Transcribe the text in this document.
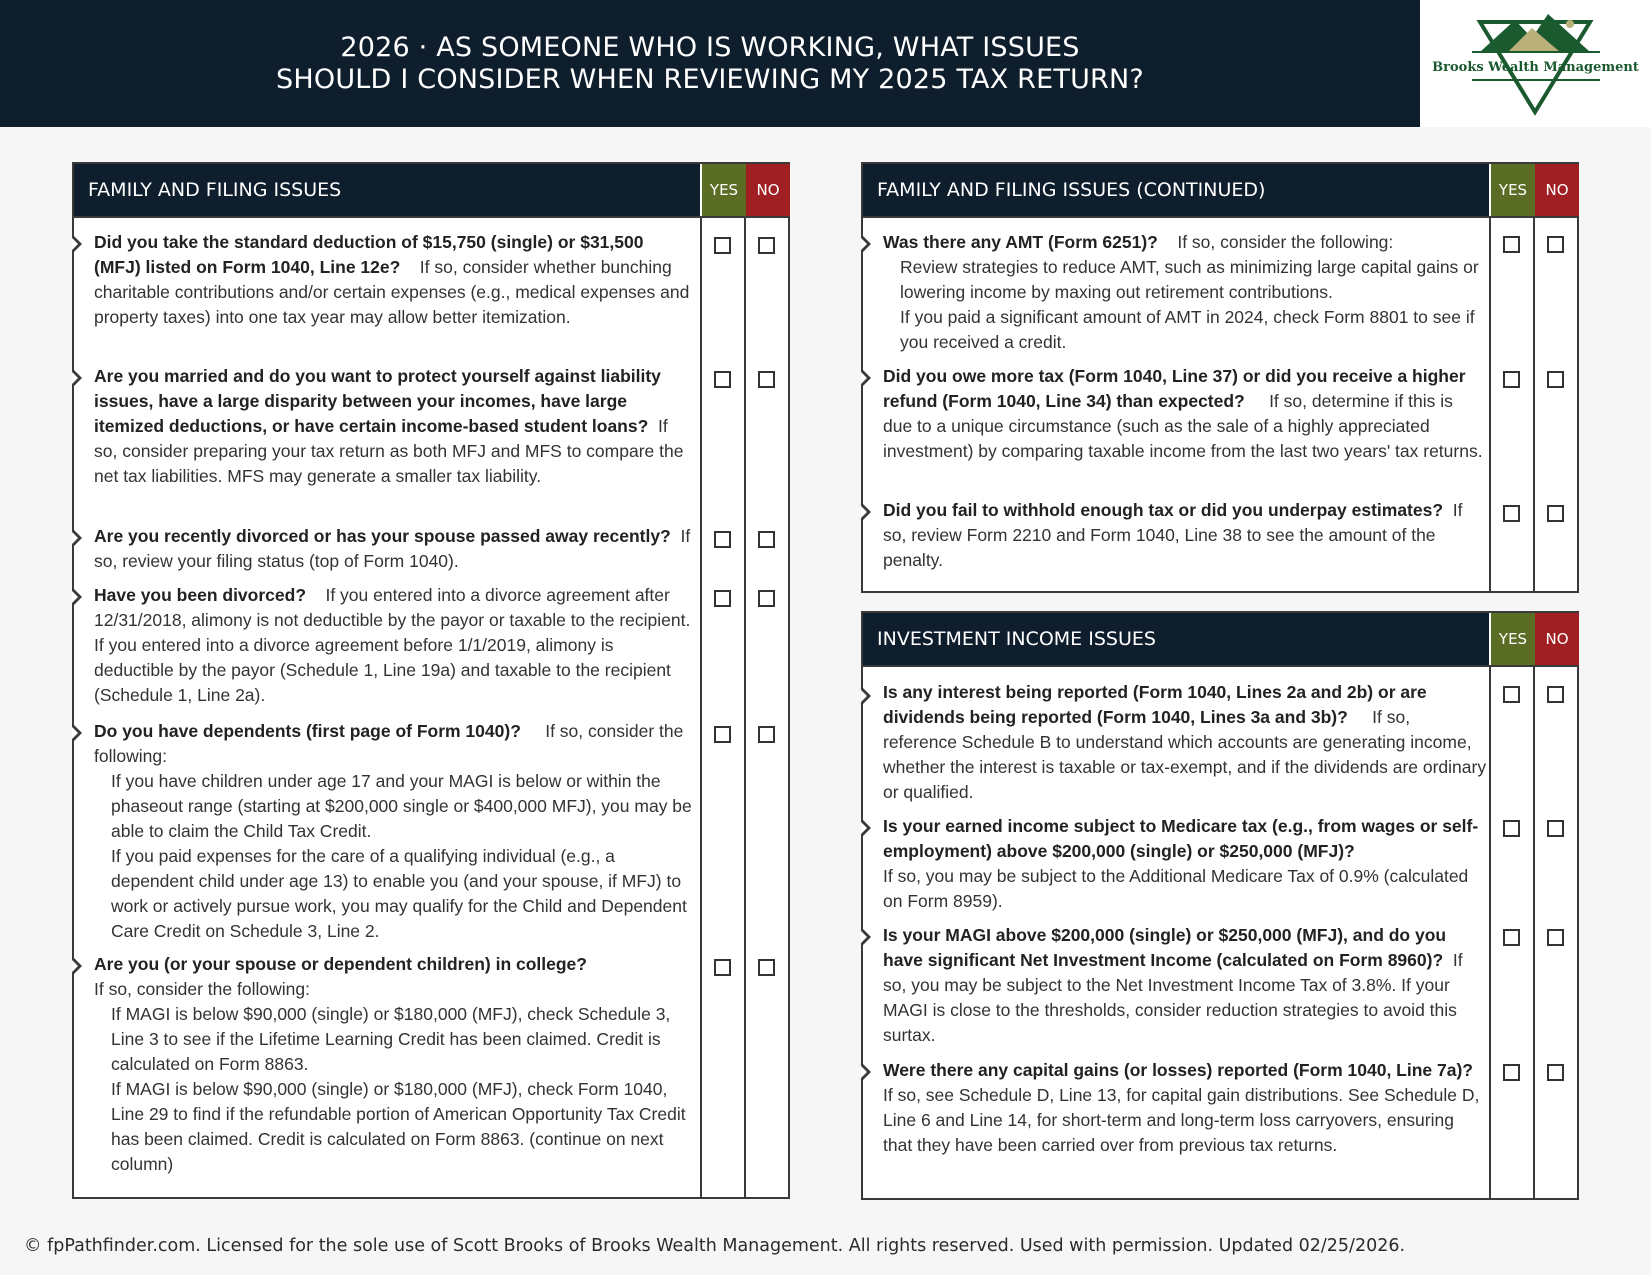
2026 · AS SOMEONE WHO IS WORKING, WHAT ISSUES
SHOULD I CONSIDER WHEN REVIEWING MY 2025 TAX RETURN?	Brooks Wealth Management
FAMILY AND FILING ISSUES	YES	NO
Did you take the standard deduction of $15,750 (single) or $31,500 (MFJ) listed on Form 1040, Line 12e? If so, consider whether bunching charitable contributions and/or certain expenses (e.g., medical expenses and property taxes) into one tax year may allow better itemization.
Are you married and do you want to protect yourself against liability issues, have a large disparity between your incomes, have large itemized deductions, or have certain income-based student loans? If so, consider preparing your tax return as both MFJ and MFS to compare the net tax liabilities. MFS may generate a smaller tax liability.
Are you recently divorced or has your spouse passed away recently? If so, review your filing status (top of Form 1040).
Have you been divorced? If you entered into a divorce agreement after 12/31/2018, alimony is not deductible by the payor or taxable to the recipient. If you entered into a divorce agreement before 1/1/2019, alimony is deductible by the payor (Schedule 1, Line 19a) and taxable to the recipient (Schedule 1, Line 2a).
Do you have dependents (first page of Form 1040)? If so, consider the following:
If you have children under age 17 and your MAGI is below or within the phaseout range (starting at $200,000 single or $400,000 MFJ), you may be able to claim the Child Tax Credit.
If you paid expenses for the care of a qualifying individual (e.g., a dependent child under age 13) to enable you (and your spouse, if MFJ) to work or actively pursue work, you may qualify for the Child and Dependent Care Credit on Schedule 3, Line 2.
Are you (or your spouse or dependent children) in college?
If so, consider the following:
If MAGI is below $90,000 (single) or $180,000 (MFJ), check Schedule 3, Line 3 to see if the Lifetime Learning Credit has been claimed. Credit is calculated on Form 8863.
If MAGI is below $90,000 (single) or $180,000 (MFJ), check Form 1040, Line 29 to find if the refundable portion of American Opportunity Tax Credit has been claimed. Credit is calculated on Form 8863. (continue on next column)
FAMILY AND FILING ISSUES (CONTINUED)	YES	NO
Was there any AMT (Form 6251)? If so, consider the following:
Review strategies to reduce AMT, such as minimizing large capital gains or lowering income by maxing out retirement contributions.
If you paid a significant amount of AMT in 2024, check Form 8801 to see if you received a credit.
Did you owe more tax (Form 1040, Line 37) or did you receive a higher refund (Form 1040, Line 34) than expected? If so, determine if this is due to a unique circumstance (such as the sale of a highly appreciated investment) by comparing taxable income from the last two years' tax returns.
Did you fail to withhold enough tax or did you underpay estimates? If so, review Form 2210 and Form 1040, Line 38 to see the amount of the penalty.
INVESTMENT INCOME ISSUES	YES	NO
Is any interest being reported (Form 1040, Lines 2a and 2b) or are dividends being reported (Form 1040, Lines 3a and 3b)? If so, reference Schedule B to understand which accounts are generating income, whether the interest is taxable or tax-exempt, and if the dividends are ordinary or qualified.
Is your earned income subject to Medicare tax (e.g., from wages or self-employment) above $200,000 (single) or $250,000 (MFJ)?
If so, you may be subject to the Additional Medicare Tax of 0.9% (calculated on Form 8959).
Is your MAGI above $200,000 (single) or $250,000 (MFJ), and do you have significant Net Investment Income (calculated on Form 8960)? If so, you may be subject to the Net Investment Income Tax of 3.8%. If your MAGI is close to the thresholds, consider reduction strategies to avoid this surtax.
Were there any capital gains (or losses) reported (Form 1040, Line 7a)?  If so, see Schedule D, Line 13, for capital gain distributions. See Schedule D, Line 6 and Line 14, for short-term and long-term loss carryovers, ensuring that they have been carried over from previous tax returns.
© fpPathfinder.com. Licensed for the sole use of Scott Brooks of Brooks Wealth Management. All rights reserved. Used with permission. Updated 02/25/2026.
